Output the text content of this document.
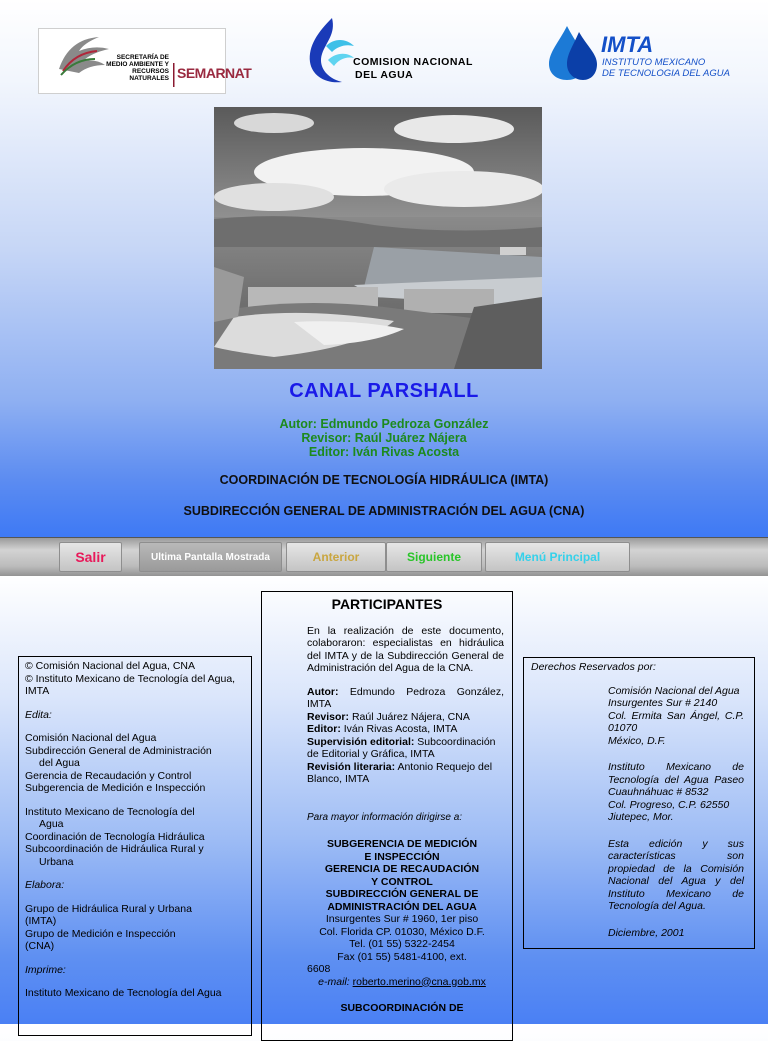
SECRETARÍA DE
MEDIO AMBIENTE Y
RECURSOS NATURALES SEMARNAT
COMISION NACIONAL
DEL AGUA
IMTA
INSTITUTO MEXICANO
DE TECNOLOGIA DEL AGUA
CANAL PARSHALL
Autor: Edmundo Pedroza González
Revisor: Raúl Juárez Nájera
Editor: Iván Rivas Acosta
COORDINACIÓN DE TECNOLOGÍA HIDRÁULICA (IMTA)
SUBDIRECCIÓN GENERAL DE ADMINISTRACIÓN DEL AGUA (CNA)
Salir	Ultima Pantalla Mostrada	Anterior	Siguiente	Menú Principal

© Comisión Nacional del Agua, CNA

© Instituto Mexicano de Tecnología del Agua, IMTA

Edita:

Comisión Nacional del Agua

Subdirección General de Administración

del Agua

Gerencia de Recaudación y Control

Subgerencia de Medición e Inspección

Instituto Mexicano de Tecnología del

Agua

Coordinación de Tecnología Hidráulica

Subcoordinación de Hidráulica Rural y

Urbana

Elabora:

Grupo de Hidráulica Rural y Urbana

(IMTA)

Grupo de Medición e Inspección

(CNA)

Imprime:

Instituto Mexicano de Tecnología del Agua

PARTICIPANTES

En la realización de este documento, colaboraron: especialistas en hidráulica del IMTA y de la Subdirección General de Administración del Agua de la CNA.

Autor: Edmundo Pedroza González, IMTA

Revisor: Raúl Juárez Nájera, CNA

Editor: Iván Rivas Acosta, IMTA

Supervisión editorial: Subcoordinación de Editorial y Gráfica, IMTA

Revisión literaria: Antonio Requejo del Blanco, IMTA

Para mayor información dirigirse a:

SUBGERENCIA DE MEDICIÓN

E INSPECCIÓN

GERENCIA DE RECAUDACIÓN

Y CONTROL

SUBDIRECCIÓN GENERAL DE

ADMINISTRACIÓN DEL AGUA

Insurgentes Sur # 1960, 1er piso

Col. Florida CP. 01030, México D.F.

Tel. (01 55) 5322-2454

Fax (01 55) 5481-4100, ext.

6608

e-mail: roberto.merino@cna.gob.mx

SUBCOORDINACIÓN DE

Derechos Reservados por:

Comisión Nacional del Agua

Insurgentes Sur # 2140

Col. Ermita San Ángel, C.P. 01070

México, D.F.

Instituto Mexicano de Tecnología del Agua Paseo Cuauhnáhuac # 8532

Col. Progreso, C.P. 62550

Jiutepec, Mor.

Esta edición y sus características son propiedad de la Comisión Nacional del Agua y del Instituto Mexicano de Tecnología del Agua.

Diciembre, 2001
